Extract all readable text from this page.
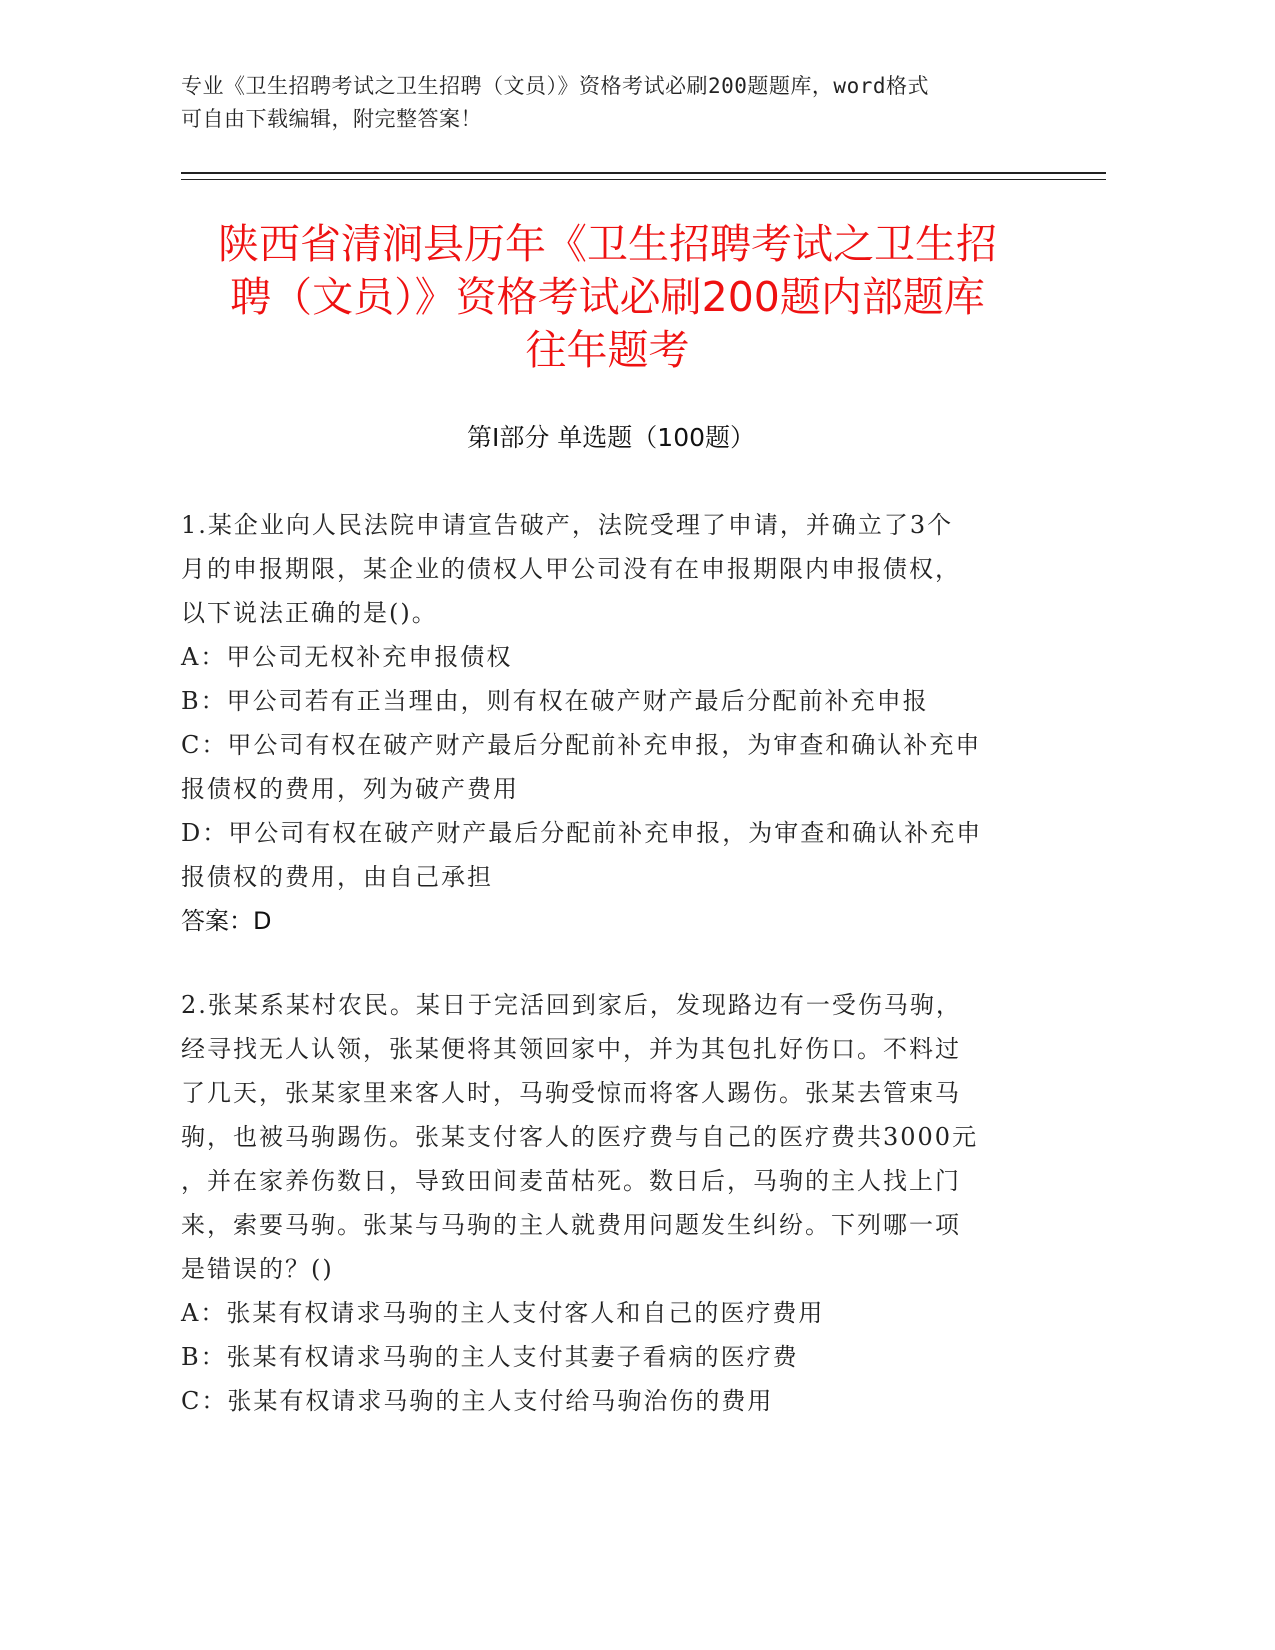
专业《卫生招聘考试之卫生招聘（文员）》资格考试必刷200题题库，word格式
可自由下载编辑，附完整答案！
陕西省清涧县历年《卫生招聘考试之卫生招
聘（文员）》资格考试必刷200题内部题库
往年题考
第Ⅰ部分 单选题（100题）

1.某企业向人民法院申请宣告破产，法院受理了申请，并确立了3个

月的申报期限，某企业的债权人甲公司没有在申报期限内申报债权，

以下说法正确的是()。

A：甲公司无权补充申报债权

B：甲公司若有正当理由，则有权在破产财产最后分配前补充申报

C：甲公司有权在破产财产最后分配前补充申报，为审查和确认补充申

报债权的费用，列为破产费用

D：甲公司有权在破产财产最后分配前补充申报，为审查和确认补充申

报债权的费用，由自己承担

答案：D

2.张某系某村农民。某日于完活回到家后，发现路边有一受伤马驹，

经寻找无人认领，张某便将其领回家中，并为其包扎好伤口。不料过

了几天，张某家里来客人时，马驹受惊而将客人踢伤。张某去管束马

驹，也被马驹踢伤。张某支付客人的医疗费与自己的医疗费共3000元

，并在家养伤数日，导致田间麦苗枯死。数日后，马驹的主人找上门

来，索要马驹。张某与马驹的主人就费用问题发生纠纷。下列哪一项

是错误的？()

A：张某有权请求马驹的主人支付客人和自己的医疗费用

B：张某有权请求马驹的主人支付其妻子看病的医疗费

C：张某有权请求马驹的主人支付给马驹治伤的费用
